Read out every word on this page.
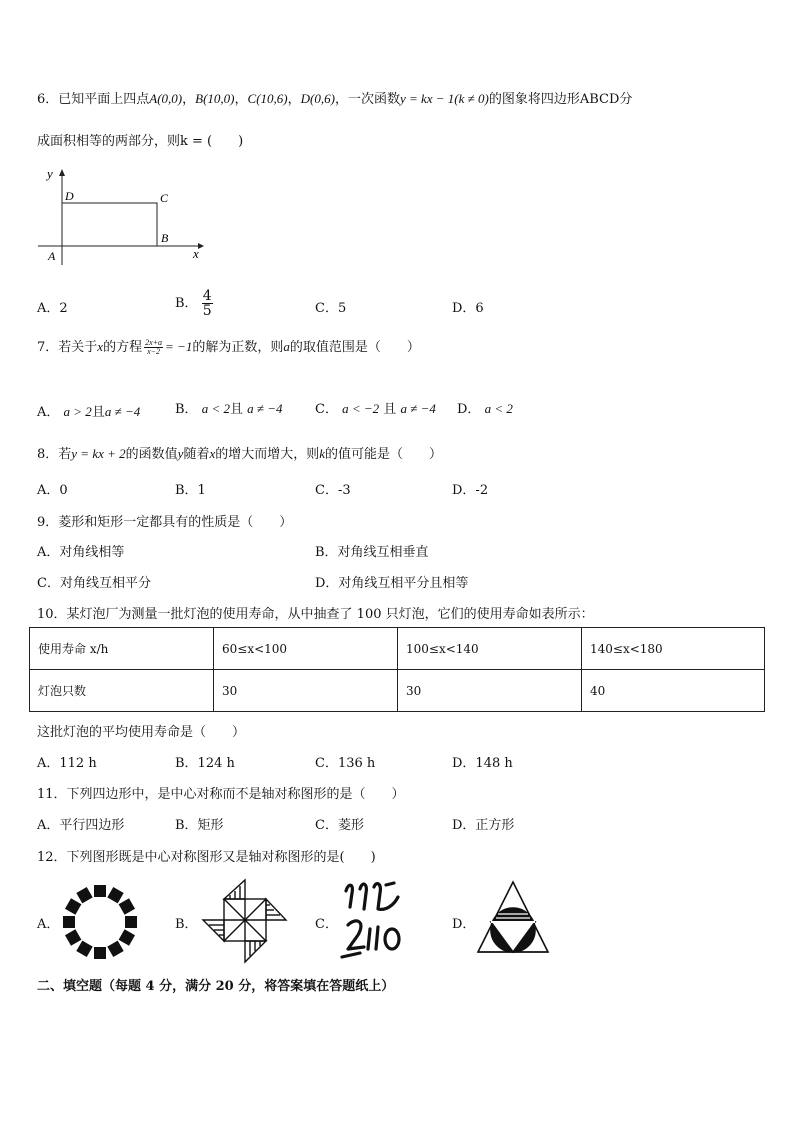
6．已知平面上四点A(0,0)，B(10,0)，C(10,6)，D(0,6)，一次函数y = kx − 1(k ≠ 0)的图象将四边形ABCD分
成面积相等的两部分，则k = (　　)
y
x
D	C
B
A
A．2	B． $\frac{4}{5}$	C．5	D．6
7．若关于x的方程 $\frac{2x+a}{x-2} = -1$的解为正数，则a的取值范围是（　　）
A． a > 2且a ≠ −4	B． a < 2且 a ≠ −4 C． a < −2 且 a ≠ −4 D． a < 2
8．若y = kx + 2的函数值y随着x的增大而增大，则k的值可能是（　　）
A．0	B．1	C．-3	D．-2
9．菱形和矩形一定都具有的性质是（　　）
A．对角线相等	B．对角线互相垂直
C．对角线互相平分	D．对角线互相平分且相等
10．某灯泡厂为测量一批灯泡的使用寿命，从中抽查了 100 只灯泡，它们的使用寿命如表所示：
使用寿命 x/h	60≤x<100	100≤x<140	140≤x<180
灯泡只数	30	30	40
这批灯泡的平均使用寿命是（　　）
A．112 h	B．124 h	C．136 h	D．148 h
11．下列四边形中，是中心对称而不是轴对称图形的是（　　）
A．平行四边形	B．矩形	C．菱形	D．正方形
12．下列图形既是中心对称图形又是轴对称图形的是(　　)
A．	B．	C．	D．
二、填空题（每题 4 分，满分 20 分，将答案填在答题纸上）
